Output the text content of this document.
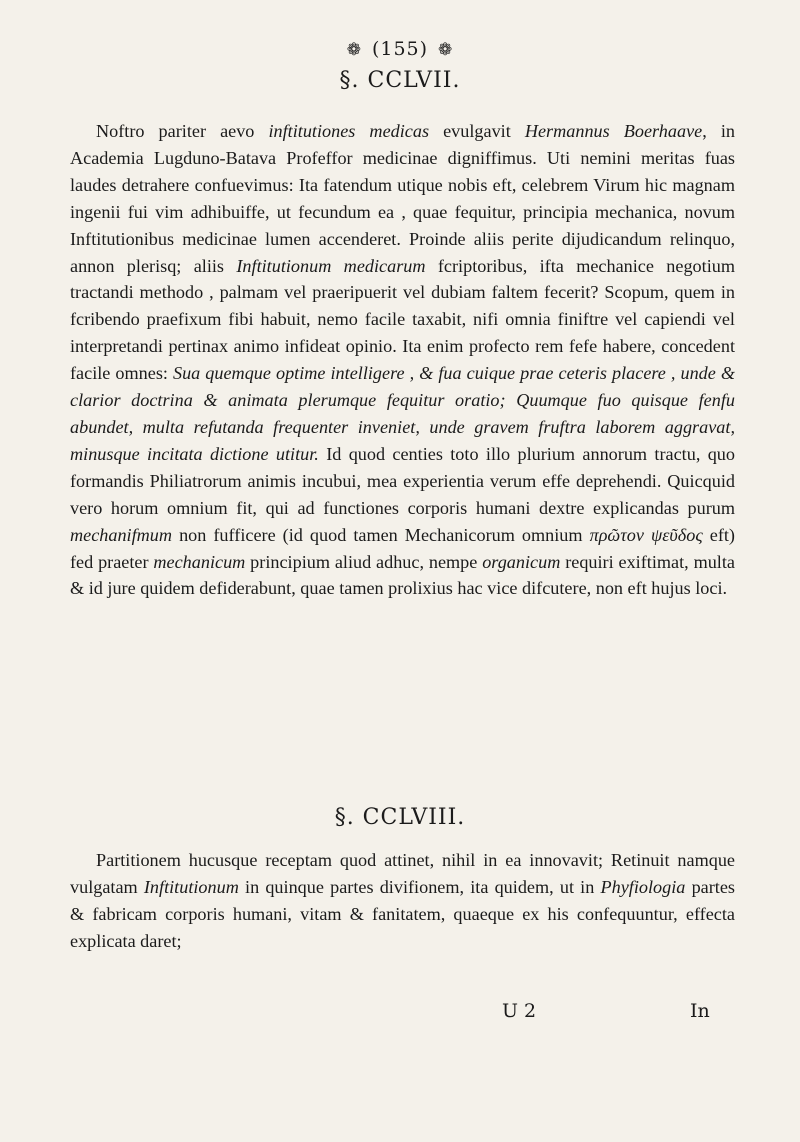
❁ (155) ❁
§. CCLVII.
Noftro pariter aevo inftitutiones medicas evulgavit Hermannus Boerhaave, in Academia Lugduno-Batava Profeffor medicinae digniffimus. Uti nemini meritas fuas laudes detrahere confuevimus: Ita fatendum utique nobis eft, celebrem Virum hic magnam ingenii fui vim adhibuiffe, ut fecundum ea , quae fequitur, principia mechanica, novum Inftitutionibus medicinae lumen accenderet. Proinde aliis perite dijudicandum relinquo, annon plerisq; aliis Inftitutionum medicarum fcriptoribus, ifta mechanice negotium tractandi methodo , palmam vel praeripuerit vel dubiam faltem fecerit? Scopum, quem in fcribendo praefixum fibi habuit, nemo facile taxabit, nifi omnia finiftre vel capiendi vel interpretandi pertinax animo infideat opinio. Ita enim profecto rem fefe habere, concedent facile omnes: Sua quemque optime intelligere , & fua cuique prae ceteris placere , unde & clarior doctrina & animata plerumque fequitur oratio; Quumque fuo quisque fenfu abundet, multa refutanda frequenter inveniet, unde gravem fruftra laborem aggravat, minusque incitata dictione utitur. Id quod centies toto illo plurium annorum tractu, quo formandis Philiatrorum animis incubui, mea experientia verum effe deprehendi. Quicquid vero horum omnium fit, qui ad functiones corporis humani dextre explicandas purum mechanifmum non fufficere (id quod tamen Mechanicorum omnium πρῶτον ψεῦδος eft) fed praeter mechanicum principium aliud adhuc, nempe organicum requiri exiftimat, multa & id jure quidem defiderabunt, quae tamen prolixius hac vice difcutere, non eft hujus loci.
§. CCLVIII.
Partitionem hucusque receptam quod attinet, nihil in ea innovavit; Retinuit namque vulgatam Inftitutionum in quinque partes divifionem, ita quidem, ut in Phyfiologia partes & fabricam corporis humani, vitam & fanitatem, quaeque ex his confequuntur, effecta explicata daret;
U 2	In
